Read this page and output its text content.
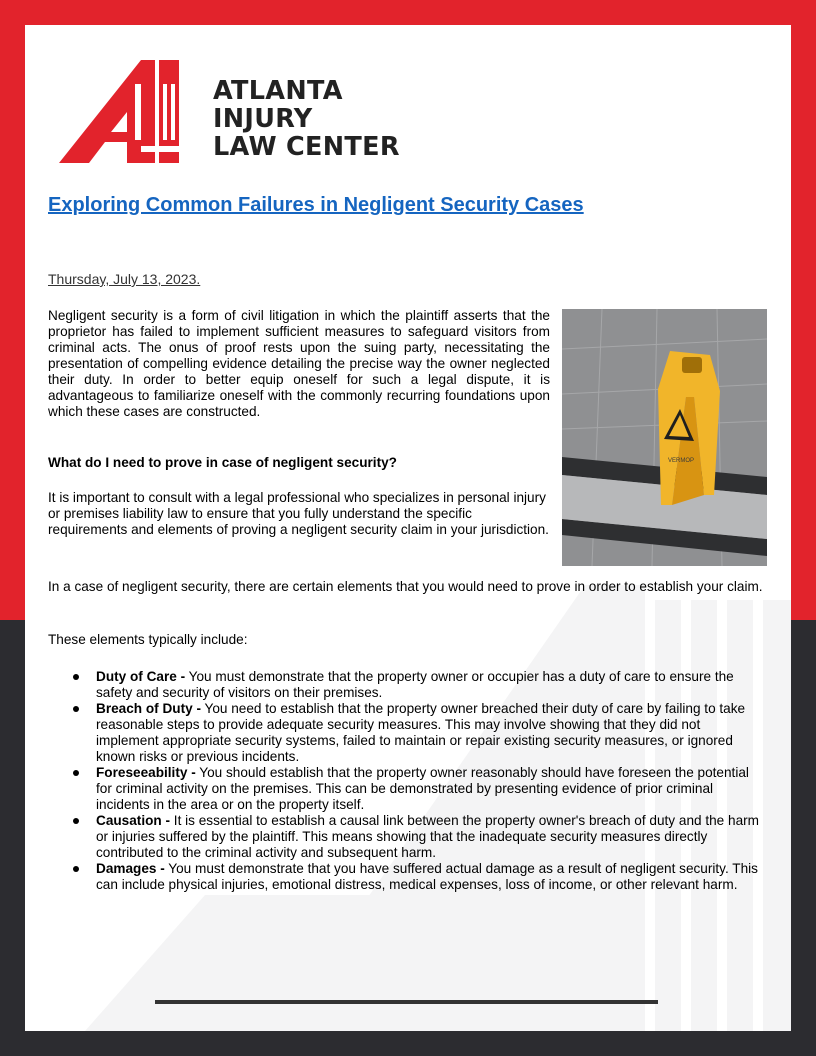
ATLANTA
INJURY
LAW CENTER
Exploring Common Failures in Negligent Security Cases
Thursday, July 13, 2023.
VERMOP

Negligent security is a form of civil litigation in which the plaintiff asserts that the proprietor has failed to implement sufficient measures to safeguard visitors from criminal acts. The onus of proof rests upon the suing party, necessitating the presentation of compelling evidence detailing the precise way the owner neglected their duty. In order to better equip oneself for such a legal dispute, it is advantageous to familiarize oneself with the commonly recurring foundations upon which these cases are constructed.

What do I need to prove in case of negligent security?

It is important to consult with a legal professional who specializes in personal injury or premises liability law to ensure that you fully understand the specific requirements and elements of proving a negligent security claim in your jurisdiction.

In a case of negligent security, there are certain elements that you would need to prove in order to establish your claim.

These elements typically include:

Duty of Care - You must demonstrate that the property owner or occupier has a duty of care to ensure the safety and security of visitors on their premises.
Breach of Duty - You need to establish that the property owner breached their duty of care by failing to take reasonable steps to provide adequate security measures. This may involve showing that they did not implement appropriate security systems, failed to maintain or repair existing security measures, or ignored known risks or previous incidents.
Foreseeability - You should establish that the property owner reasonably should have foreseen the potential for criminal activity on the premises. This can be demonstrated by presenting evidence of prior criminal incidents in the area or on the property itself.
Causation - It is essential to establish a causal link between the property owner's breach of duty and the harm or injuries suffered by the plaintiff. This means showing that the inadequate security measures directly contributed to the criminal activity and subsequent harm.
Damages - You must demonstrate that you have suffered actual damage as a result of negligent security. This can include physical injuries, emotional distress, medical expenses, loss of income, or other relevant harm.
